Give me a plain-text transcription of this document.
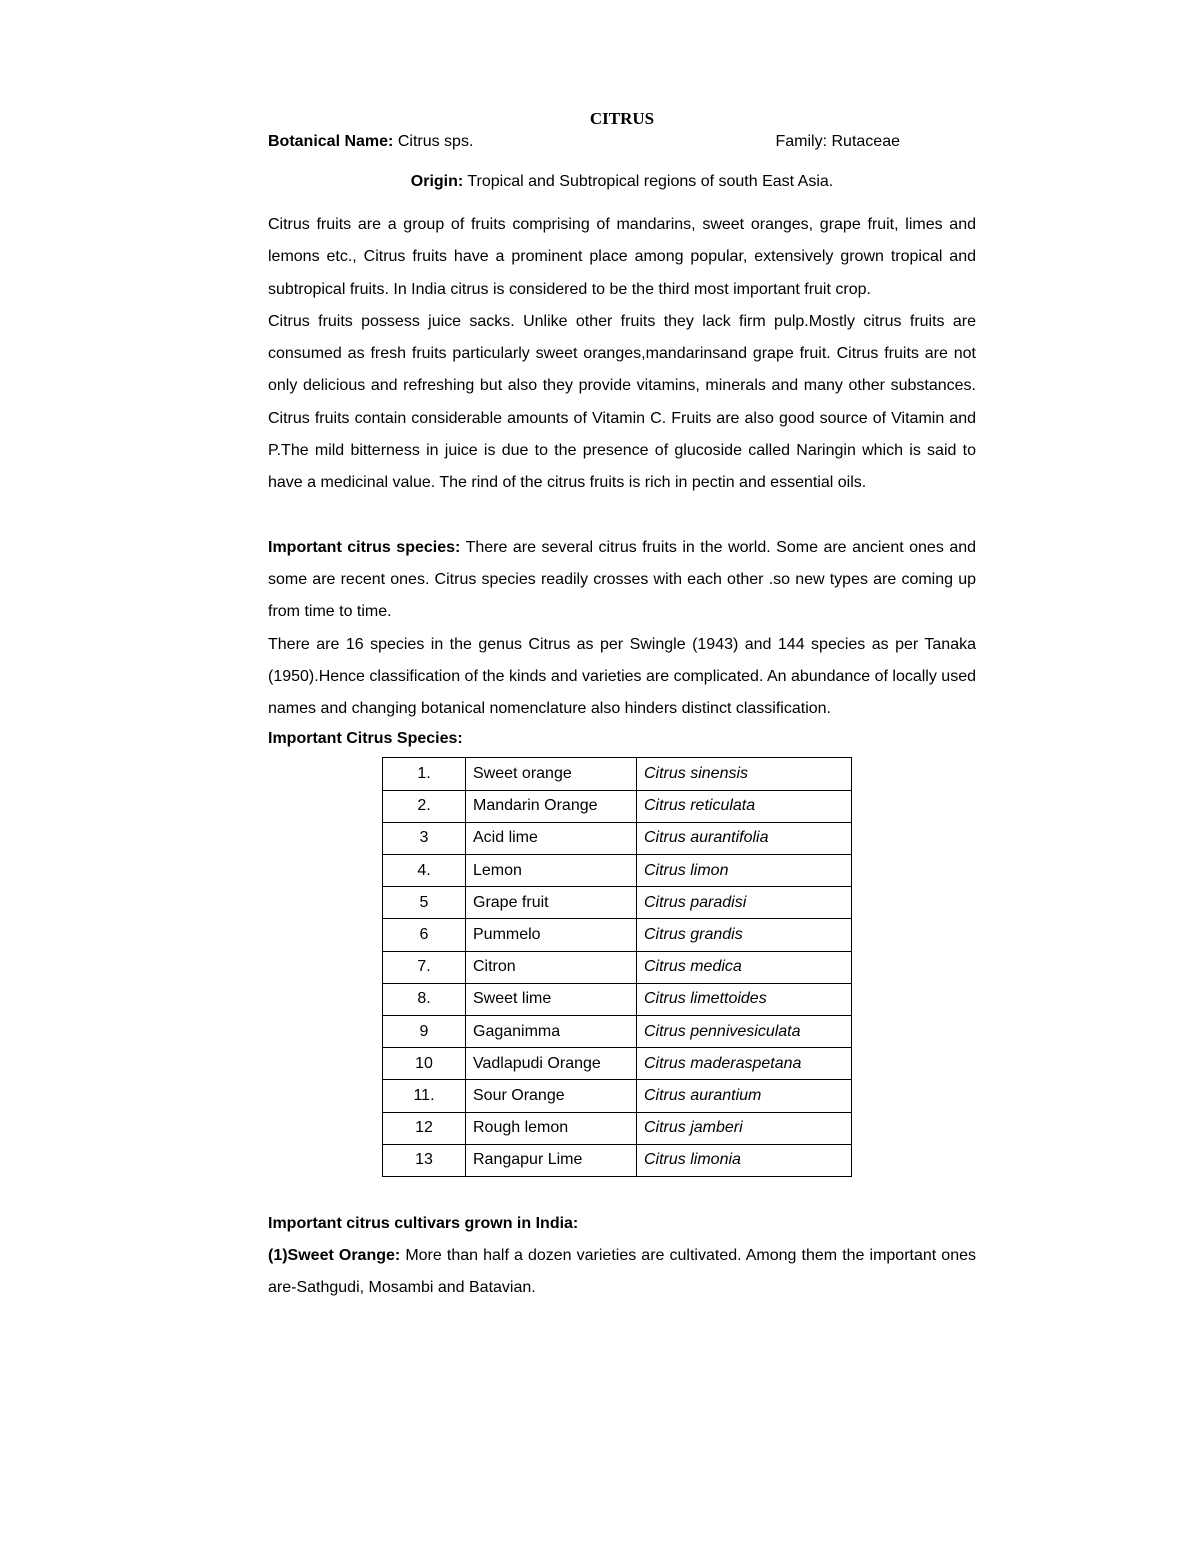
CITRUS
Botanical Name: Citrus sps.	Family: Rutaceae
Origin: Tropical and Subtropical regions of south East Asia.

Citrus fruits are a group of fruits comprising of mandarins, sweet oranges, grape fruit, limes and lemons etc., Citrus fruits have a prominent place among popular, extensively grown tropical and subtropical fruits. In India citrus is considered to be the third most important fruit crop.

Citrus fruits possess juice sacks. Unlike other fruits they lack firm pulp.Mostly citrus fruits are consumed as fresh fruits particularly sweet oranges,mandarinsand grape fruit. Citrus fruits are not only delicious and refreshing but also they provide vitamins, minerals and many other substances. Citrus fruits contain considerable amounts of Vitamin C. Fruits are also good source of Vitamin and P.The mild bitterness in juice is due to the presence of glucoside called Naringin which is said to have a medicinal value. The rind of the citrus fruits is rich in pectin and essential oils.

Important citrus species: There are several citrus fruits in the world. Some are ancient ones and some are recent ones. Citrus species readily crosses with each other .so new types are coming up from time to time.

There are 16 species in the genus Citrus as per Swingle (1943) and 144 species as per Tanaka (1950).Hence classification of the kinds and varieties are complicated. An abundance of locally used names and changing botanical nomenclature also hinders distinct classification.

Important Citrus Species:
1.	Sweet orange	Citrus sinensis
2.	Mandarin Orange	Citrus reticulata
3	Acid lime	Citrus aurantifolia
4.	Lemon	Citrus limon
5	Grape fruit	Citrus paradisi
6	Pummelo	Citrus grandis
7.	Citron	Citrus medica
8.	Sweet lime	Citrus limettoides
9	Gaganimma	Citrus pennivesiculata
10	Vadlapudi Orange	Citrus maderaspetana
11.	Sour Orange	Citrus aurantium
12	Rough lemon	Citrus jamberi
13	Rangapur Lime	Citrus limonia
Important citrus cultivars grown in India:

(1)Sweet Orange: More than half a dozen varieties are cultivated. Among them the important ones are-Sathgudi, Mosambi and Batavian.
